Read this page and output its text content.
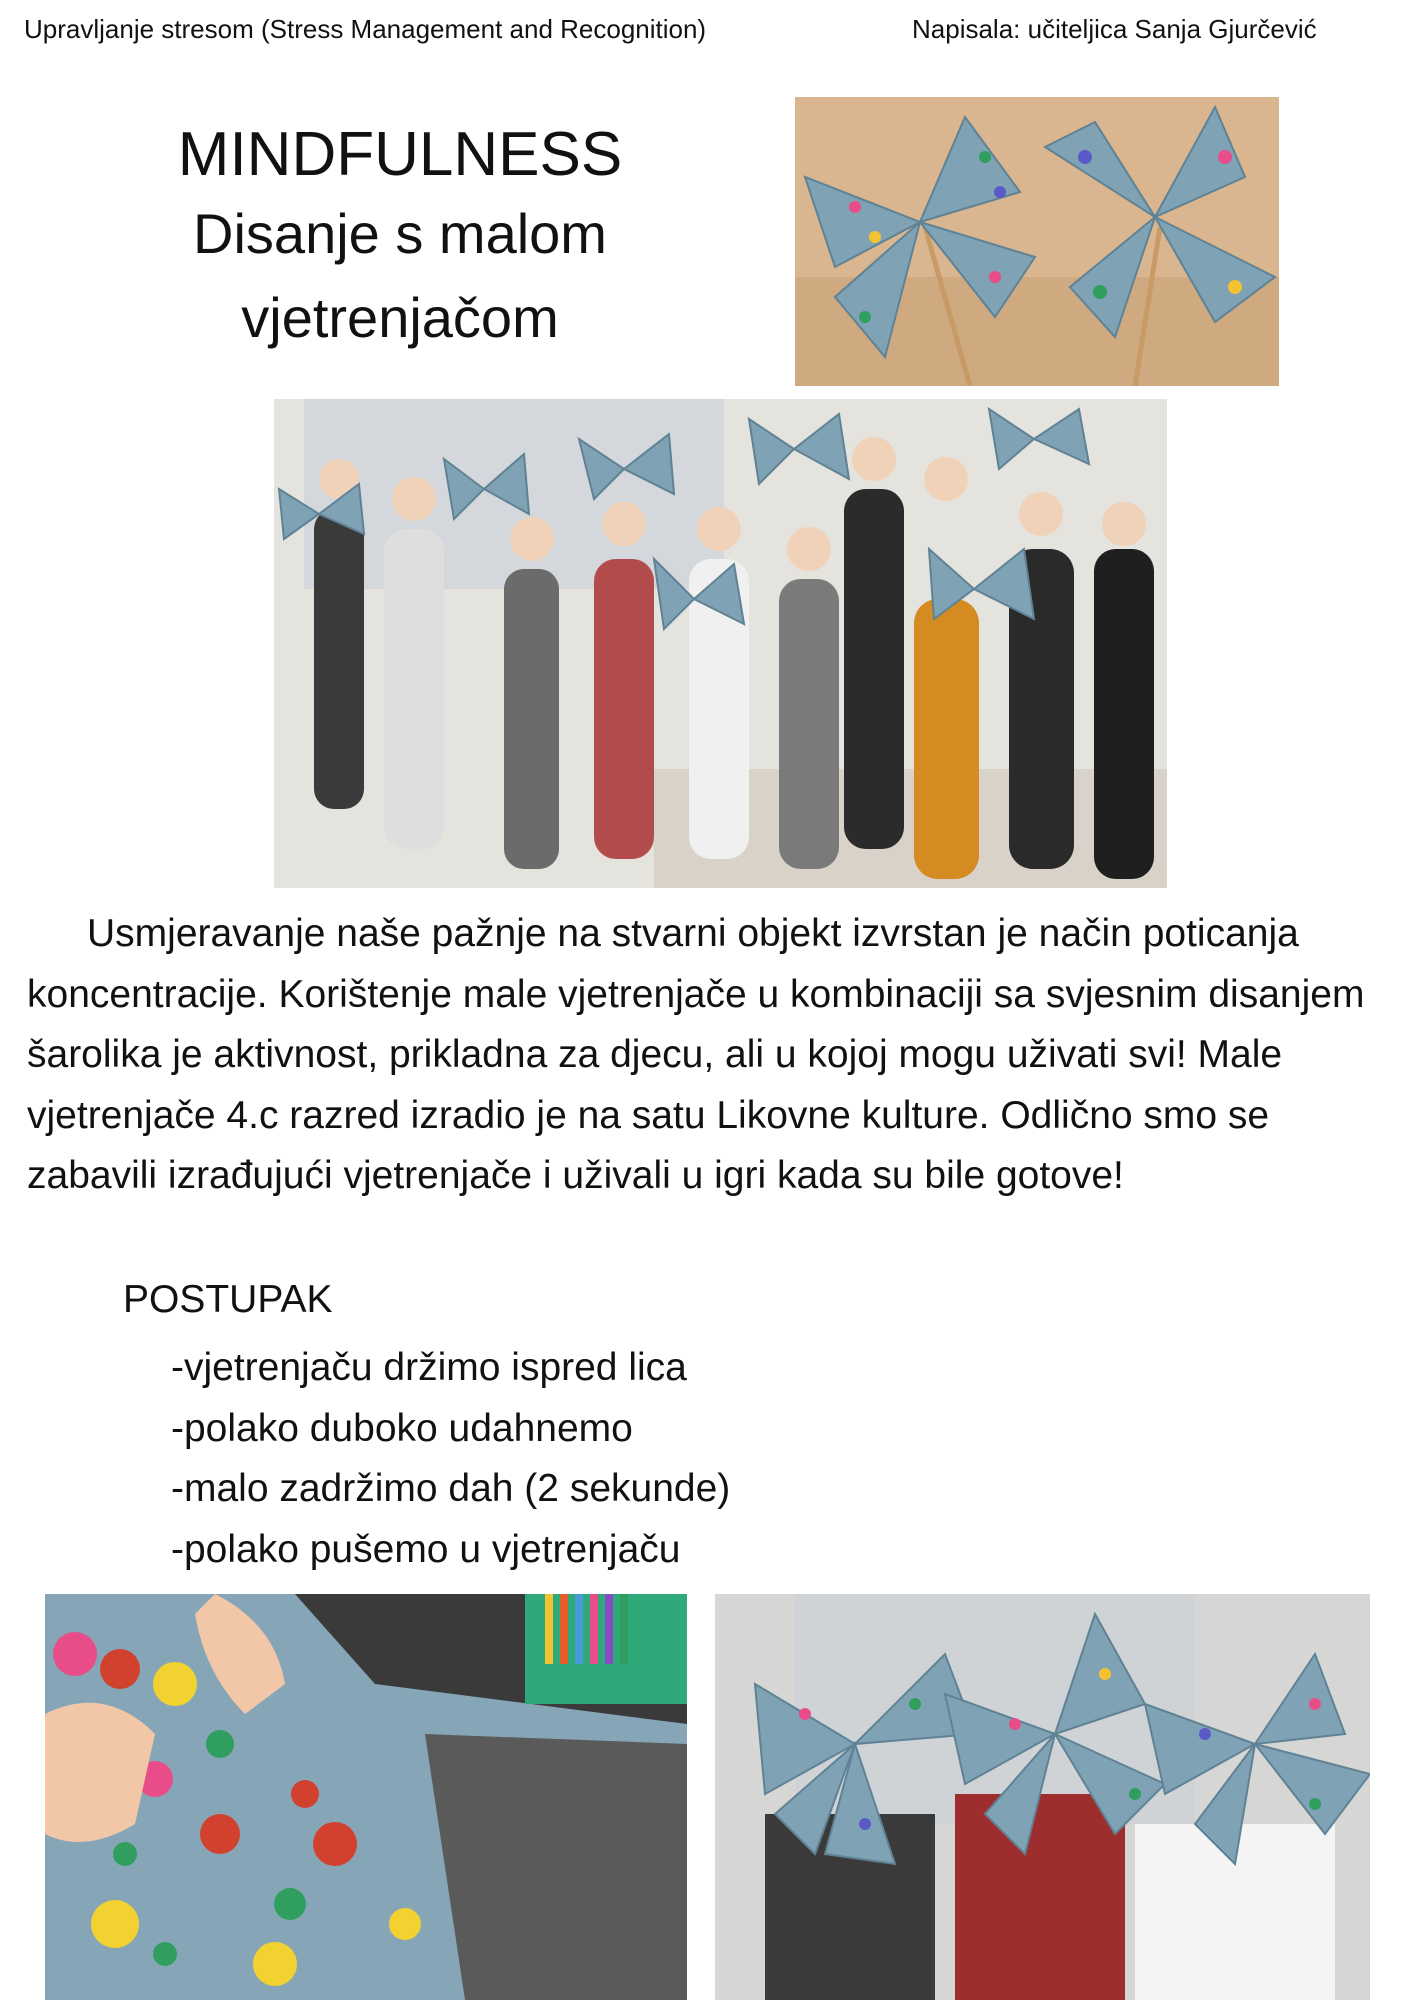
Upravljanje stresom (Stress Management and Recognition)	Napisala: učiteljica Sanja Gjurčević
MINDFULNESS
Disanje s malom
vjetrenjačom

Usmjeravanje naše pažnje na stvarni objekt izvrstan je način poticanja koncentracije. Korištenje male vjetrenjače u kombinaciji sa svjesnim disanjem šarolika je aktivnost, prikladna za djecu, ali u kojoj mogu uživati svi! Male vjetrenjače 4.c razred izradio je na satu Likovne kulture. Odlično smo se zabavili izrađujući vjetrenjače i uživali u igri kada su bile gotove!

POSTUPAK
-vjetrenjaču držimo ispred lica
-polako duboko udahnemo
-malo zadržimo dah (2 sekunde)
-polako pušemo u vjetrenjaču
